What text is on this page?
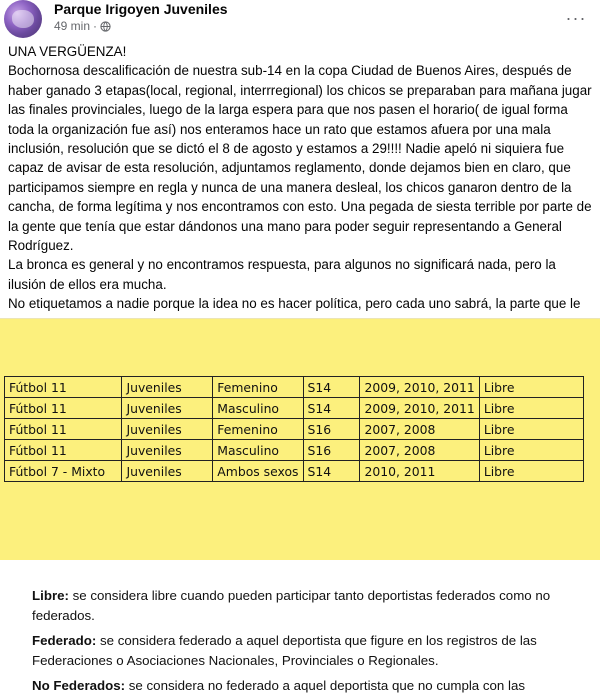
Parque Irigoyen Juveniles
49 min ·	···

UNA VERGÜENZA!

Bochornosa descalificación de nuestra sub-14 en la copa Ciudad de Buenos Aires, después de haber ganado 3 etapas(local, regional, interrregional) los chicos se preparaban para mañana jugar las finales provinciales, luego de la larga espera para que nos pasen el horario( de igual forma toda la organización fue así) nos enteramos hace un rato que estamos afuera por una mala inclusión, resolución que se dictó el 8 de agosto y estamos a 29!!!! Nadie apeló ni siquiera fue capaz de avisar de esta resolución, adjuntamos reglamento, donde dejamos bien en claro, que participamos siempre en regla y nunca de una manera desleal, los chicos ganaron dentro de la cancha, de forma legítima y nos encontramos con esto. Una pegada de siesta terrible por parte de la gente que tenía que estar dándonos una mano para poder seguir representando a General Rodríguez.

La bronca es general y no encontramos respuesta, para algunos no significará nada, pero la ilusión de ellos era mucha.

No etiquetamos a nadie porque la idea no es hacer política, pero cada uno sabrá, la parte que le

Fútbol 11	Juveniles	Femenino	S14	2009, 2010, 2011	Libre
Fútbol 11	Juveniles	Masculino	S14	2009, 2010, 2011	Libre
Fútbol 11	Juveniles	Femenino	S16	2007, 2008	Libre
Fútbol 11	Juveniles	Masculino	S16	2007, 2008	Libre
Fútbol 7 - Mixto	Juveniles	Ambos sexos	S14	2010, 2011	Libre

Libre: se considera libre cuando pueden participar tanto deportistas federados como no federados.

Federado: se considera federado a aquel deportista que figure en los registros de las Federaciones o Asociaciones Nacionales, Provinciales o Regionales.

No Federados: se considera no federado a aquel deportista que no cumpla con las
